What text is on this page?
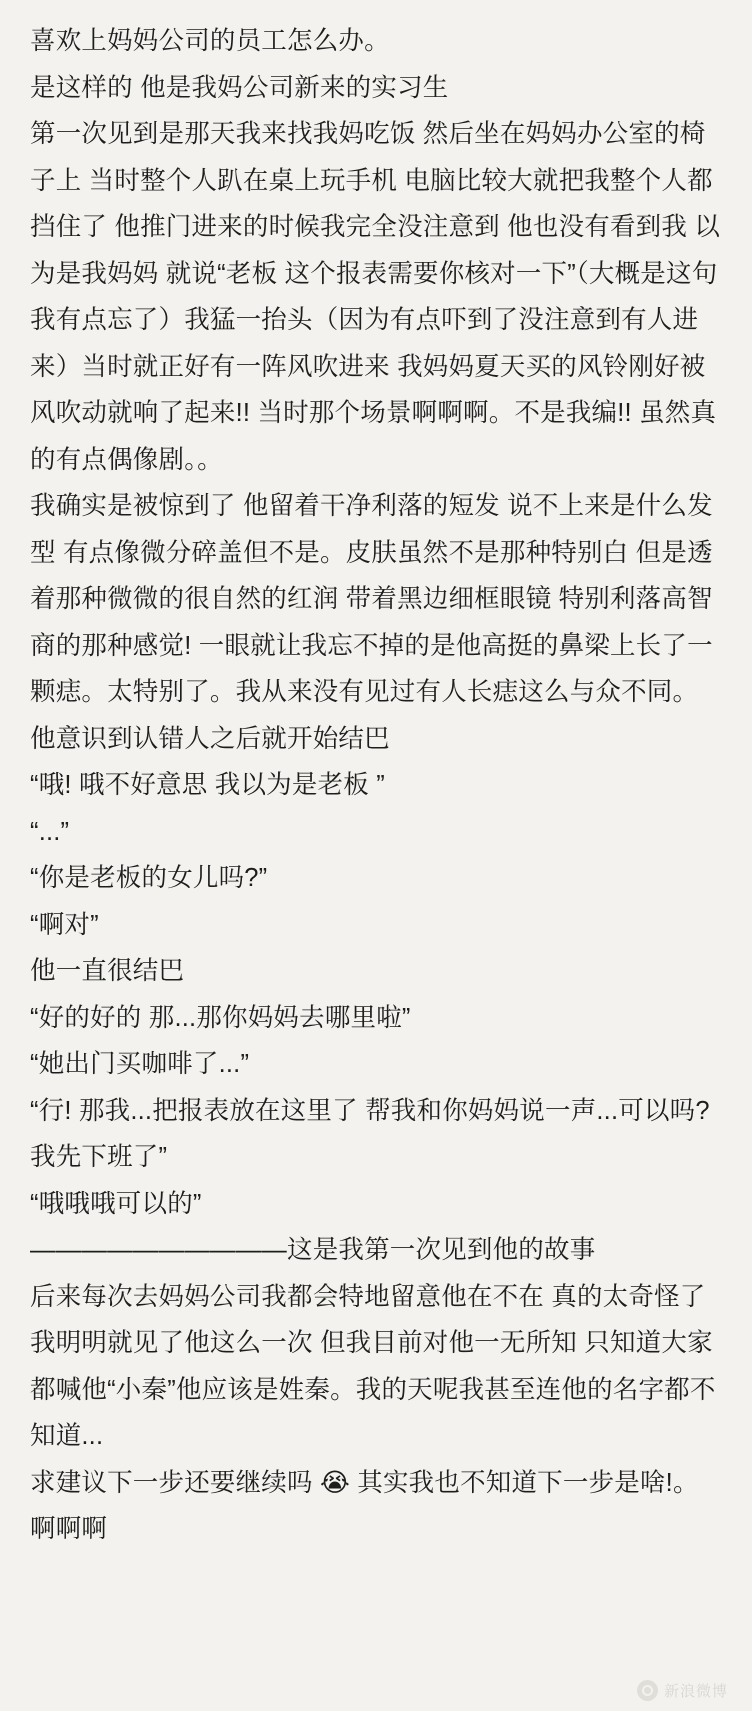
喜欢上妈妈公司的员工怎么办。

是这样的 他是我妈公司新来的实习生

第一次见到是那天我来找我妈吃饭 然后坐在妈妈办公室的椅子上 当时整个人趴在桌上玩手机 电脑比较大就把我整个人都挡住了 他推门进来的时候我完全没注意到 他也没有看到我 以为是我妈妈 就说“老板 这个报表需要你核对一下”（大概是这句我有点忘了）我猛一抬头（因为有点吓到了没注意到有人进来）当时就正好有一阵风吹进来 我妈妈夏天买的风铃刚好被风吹动就响了起来!! 当时那个场景啊啊啊。不是我编!! 虽然真的有点偶像剧。。

我确实是被惊到了 他留着干净利落的短发 说不上来是什么发型 有点像微分碎盖但不是。皮肤虽然不是那种特别白 但是透着那种微微的很自然的红润 带着黑边细框眼镜 特别利落高智商的那种感觉! 一眼就让我忘不掉的是他高挺的鼻梁上长了一颗痣。太特别了。我从来没有见过有人长痣这么与众不同。

他意识到认错人之后就开始结巴

“哦! 哦不好意思 我以为是老板 ”

“...”

“你是老板的女儿吗?”

“啊对”

他一直很结巴

“好的好的 那...那你妈妈去哪里啦”

“她出门买咖啡了...”

“行! 那我...把报表放在这里了 帮我和你妈妈说一声...可以吗? 我先下班了”

“哦哦哦可以的”

——————————这是我第一次见到他的故事

后来每次去妈妈公司我都会特地留意他在不在 真的太奇怪了我明明就见了他这么一次 但我目前对他一无所知 只知道大家都喊他“小秦”他应该是姓秦。我的天呢我甚至连他的名字都不知道...

求建议下一步还要继续吗 😭 其实我也不知道下一步是啥!。啊啊啊

新浪微博
